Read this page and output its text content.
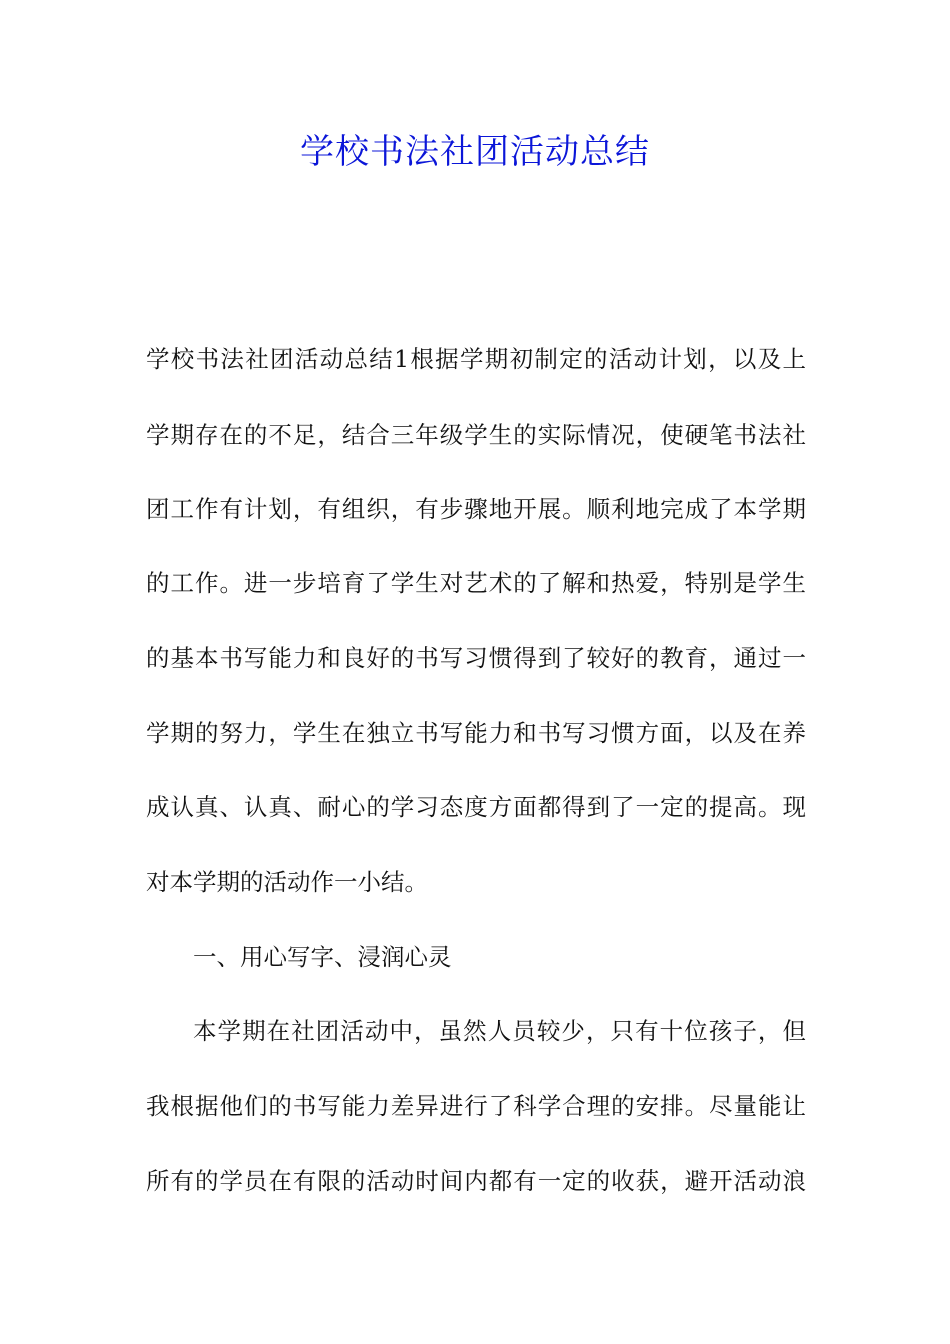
学校书法社团活动总结

学校书法社团活动总结1根据学期初制定的活动计划，以及上

学期存在的不足，结合三年级学生的实际情况，使硬笔书法社

团工作有计划，有组织，有步骤地开展。顺利地完成了本学期

的工作。进一步培育了学生对艺术的了解和热爱，特别是学生

的基本书写能力和良好的书写习惯得到了较好的教育，通过一

学期的努力，学生在独立书写能力和书写习惯方面，以及在养

成认真、认真、耐心的学习态度方面都得到了一定的提高。现

对本学期的活动作一小结。

一、用心写字、浸润心灵

本学期在社团活动中，虽然人员较少，只有十位孩子，但

我根据他们的书写能力差异进行了科学合理的安排。尽量能让

所有的学员在有限的活动时间内都有一定的收获，避开活动浪
